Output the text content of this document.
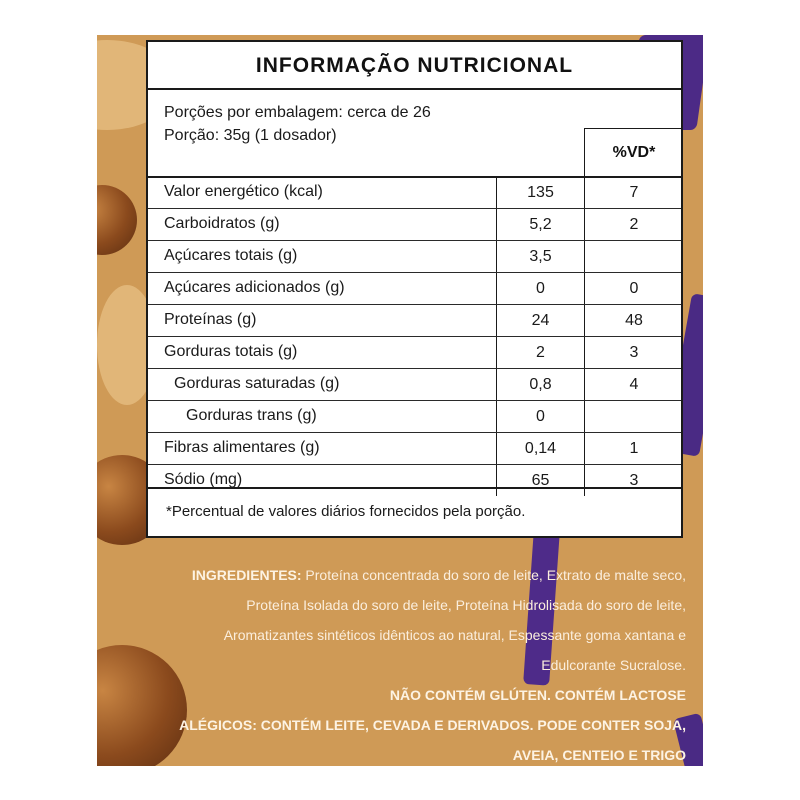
INFORMAÇÃO NUTRICIONAL
Porções por embalagem: cerca de 26
Porção: 35g (1 dosador)
%VD*
Valor energético (kcal)	135	7
Carboidratos (g)	5,2	2
Açúcares totais (g)	3,5
Açúcares adicionados (g)	0	0
Proteínas (g)	24	48
Gorduras totais (g)	2	3
Gorduras saturadas (g)	0,8	4
Gorduras trans (g)	0
Fibras alimentares (g)	0,14	1
Sódio (mg)	65	3
*Percentual de valores diários fornecidos pela porção.
INGREDIENTES: Proteína concentrada do soro de leite, Extrato de malte seco,
Proteína Isolada do soro de leite, Proteína Hidrolisada do soro de leite,
Aromatizantes sintéticos idênticos ao natural, Espessante goma xantana e
Edulcorante Sucralose.
NÃO CONTÉM GLÚTEN. CONTÉM LACTOSE
ALÉGICOS: CONTÉM LEITE, CEVADA E DERIVADOS. PODE CONTER SOJA,
AVEIA, CENTEIO E TRIGO
